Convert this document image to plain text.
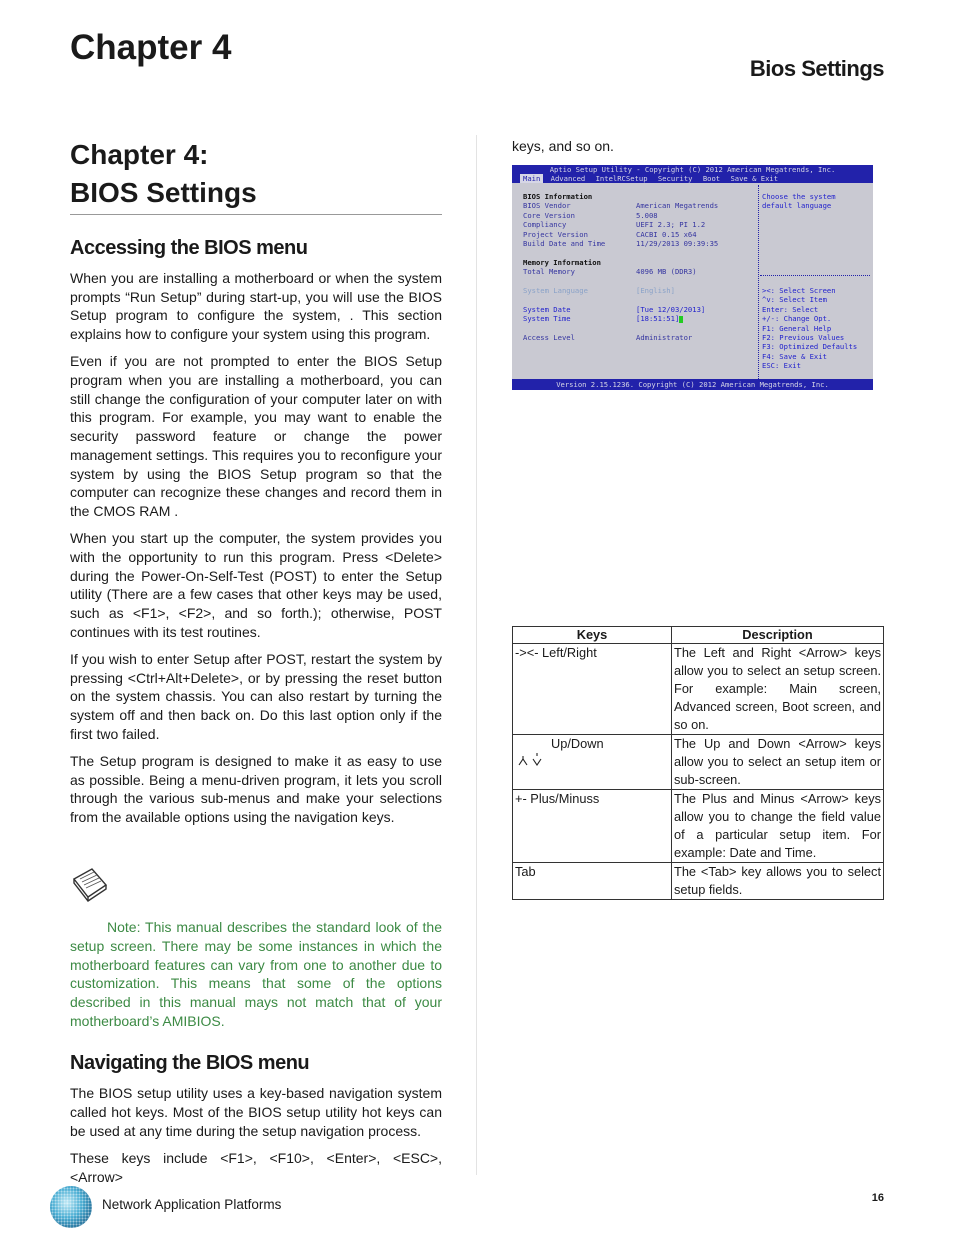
Chapter 4
Bios Settings
Chapter 4:
BIOS Settings
Accessing the BIOS menu

When you are installing a motherboard or when the system prompts “Run Setup” during start-up, you will use the BIOS Setup program to configure the system, . This section explains how to configure your system using this program.

Even if you are not prompted to enter the BIOS Setup program when you are installing a motherboard, you can still change the configuration of your computer later on with this program. For example, you may want to enable the security password feature or change the power management settings. This requires you to reconfigure your system by using the BIOS Setup program so that the computer can recognize these changes and record them in the CMOS RAM .

When you start up the computer, the system provides you with the opportunity to run this program. Press <Delete> during the Power-On-Self-Test (POST) to enter the Setup utility (There are a few cases that other keys may be used, such as <F1>, <F2>, and so forth.); otherwise, POST continues with its test routines.

If you wish to enter Setup after POST, restart the system by pressing <Ctrl+Alt+Delete>, or by pressing the reset button on the system chassis. You can also restart by turning the system off and then back on. Do this last option only if the first two failed.

The Setup program is designed to make it as easy to use as possible. Being a menu-driven program, it lets you scroll through the various sub-menus and make your selections from the available options using the navigation keys.

Note: This manual describes the standard look of the setup screen. There may be some instances in which the motherboard features can vary from one to another due to customization. This means that some of the options described in this manual mays not match that of your motherboard’s AMIBIOS.

Navigating the BIOS menu

The BIOS setup utility uses a key-based navigation system called hot keys. Most of the BIOS setup utility hot keys can be used at any time during the setup navigation process.

These keys include <F1>, <F10>, <Enter>, <ESC>, <Arrow>

keys, and so on.

Aptio Setup Utility - Copyright (C) 2012 American Megatrends, Inc.
Main Advanced IntelRCSetup Security Boot Save & Exit
BIOS Information
BIOS Vendor	American Megatrends
Core Version	5.008
Compliancy	UEFI 2.3; PI 1.2
Project Version	CACBI 0.15 x64
Build Date and Time	11/29/2013 09:39:35
Memory Information
Total Memory	4096 MB (DDR3)
System Language	[English]
System Date	[Tue 12/03/2013]
System Time	[18:51:51]
Access Level	Administrator
Choose the system
default language
><: Select Screen
^v: Select Item
Enter: Select
+/-: Change Opt.
F1: General Help
F2: Previous Values
F3: Optimized Defaults
F4: Save & Exit
ESC: Exit
Version 2.15.1236. Copyright (C) 2012 American Megatrends, Inc.
Keys	Description
-><- Left/Right	The Left and Right <Arrow> keys allow you to select an setup screen. For example: Main screen, Advanced screen, Boot screen, and so on.

Up/Down	The Up and Down <Arrow> keys allow you to select an setup item or sub-screen.
+- Plus/Minuss	The Plus and Minus <Arrow> keys allow you to change the field value of a particular setup item. For example: Date and Time.
Tab	The <Tab> key allows you to select setup fields.

Network Application Platforms	16
